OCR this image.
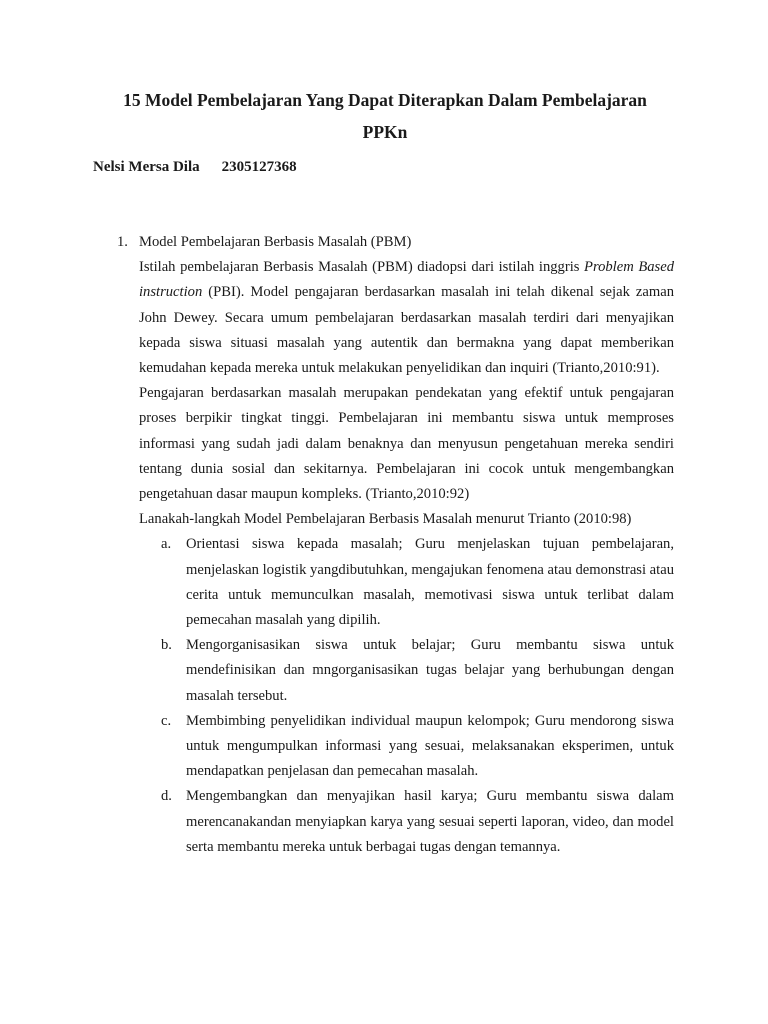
15 Model Pembelajaran Yang Dapat Diterapkan Dalam Pembelajaran
PPKn
Nelsi Mersa Dila 2305127368
1. Model Pembelajaran Berbasis Masalah (PBM)
Istilah pembelajaran Berbasis Masalah (PBM) diadopsi dari istilah inggris Problem Based instruction (PBI). Model pengajaran berdasarkan masalah ini telah dikenal sejak zaman John Dewey. Secara umum pembelajaran berdasarkan masalah terdiri dari menyajikan kepada siswa situasi masalah yang autentik dan bermakna yang dapat memberikan kemudahan kepada mereka untuk melakukan penyelidikan dan inquiri (Trianto,2010:91).
Pengajaran berdasarkan masalah merupakan pendekatan yang efektif untuk pengajaran proses berpikir tingkat tinggi. Pembelajaran ini membantu siswa untuk memproses informasi yang sudah jadi dalam benaknya dan menyusun pengetahuan mereka sendiri tentang dunia sosial dan sekitarnya. Pembelajaran ini cocok untuk mengembangkan pengetahuan dasar maupun kompleks. (Trianto,2010:92)
Lanakah-langkah Model Pembelajaran Berbasis Masalah menurut Trianto (2010:98)
a. Orientasi siswa kepada masalah; Guru menjelaskan tujuan pembelajaran, menjelaskan logistik yangdibutuhkan, mengajukan fenomena atau demonstrasi atau cerita untuk memunculkan masalah, memotivasi siswa untuk terlibat dalam pemecahan masalah yang dipilih.
b. Mengorganisasikan siswa untuk belajar; Guru membantu siswa untuk mendefinisikan dan mngorganisasikan tugas belajar yang berhubungan dengan masalah tersebut.
c. Membimbing penyelidikan individual maupun kelompok; Guru mendorong siswa untuk mengumpulkan informasi yang sesuai, melaksanakan eksperimen, untuk mendapatkan penjelasan dan pemecahan masalah.
d. Mengembangkan dan menyajikan hasil karya; Guru membantu siswa dalam merencanakandan menyiapkan karya yang sesuai seperti laporan, video, dan model serta membantu mereka untuk berbagai tugas dengan temannya.
